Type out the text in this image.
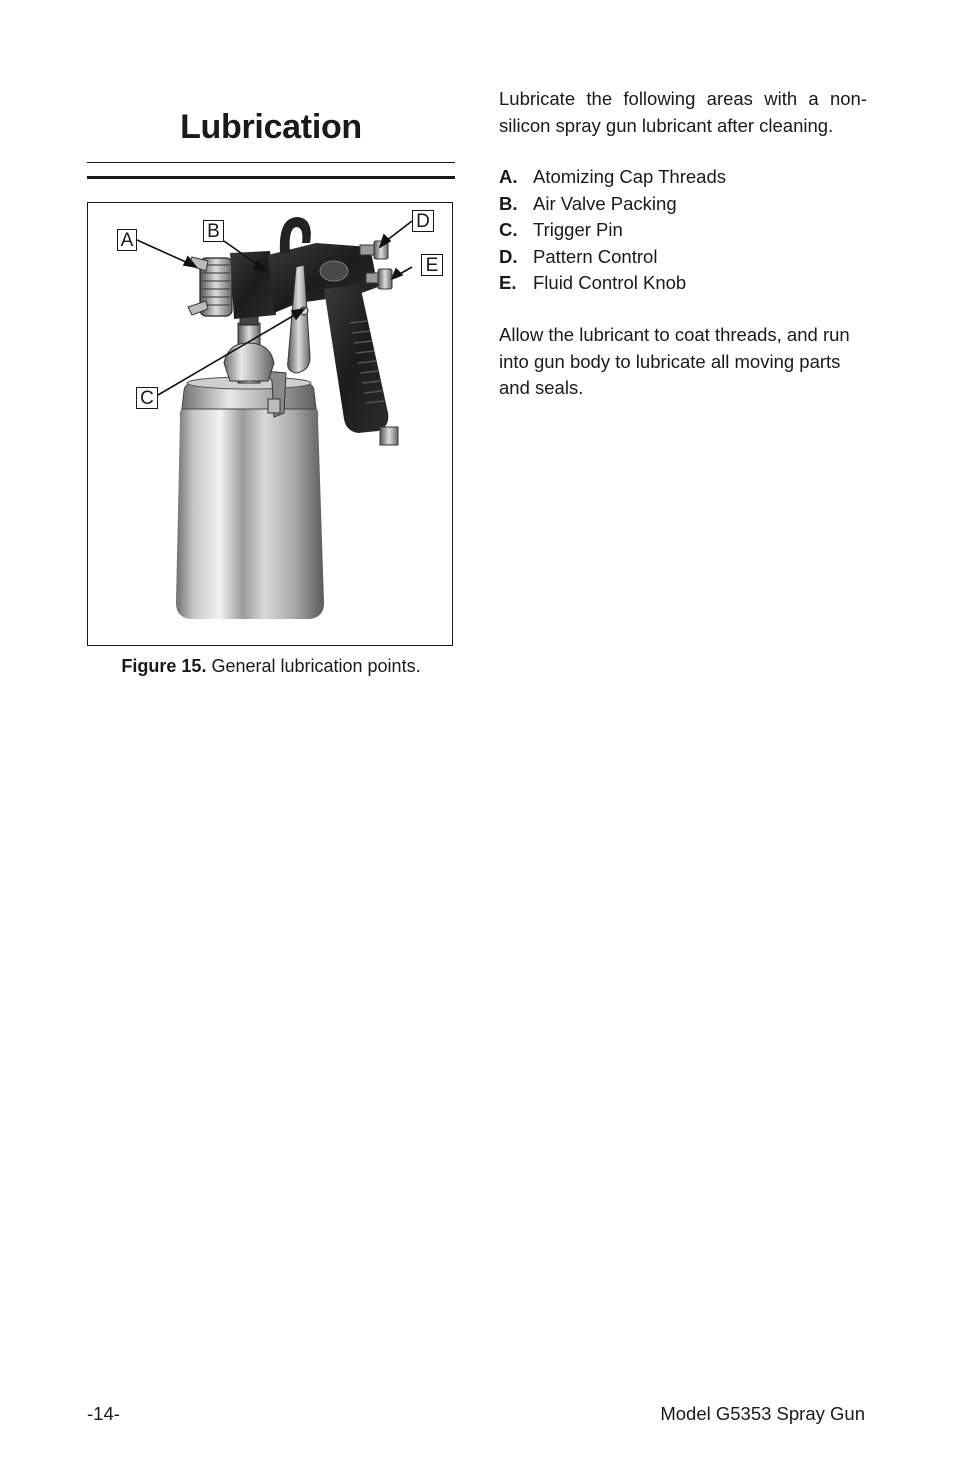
Lubrication
A	B
C
D
E
Figure 15. General lubrication points.

Lubricate the following areas with a non-silicon spray gun lubricant after cleaning.

A. Atomizing Cap Threads
B. Air Valve Packing
C. Trigger Pin
D. Pattern Control
E. Fluid Control Knob

Allow the lubricant to coat threads, and run into gun body to lubricate all moving parts and seals.

-14-	Model G5353 Spray Gun
